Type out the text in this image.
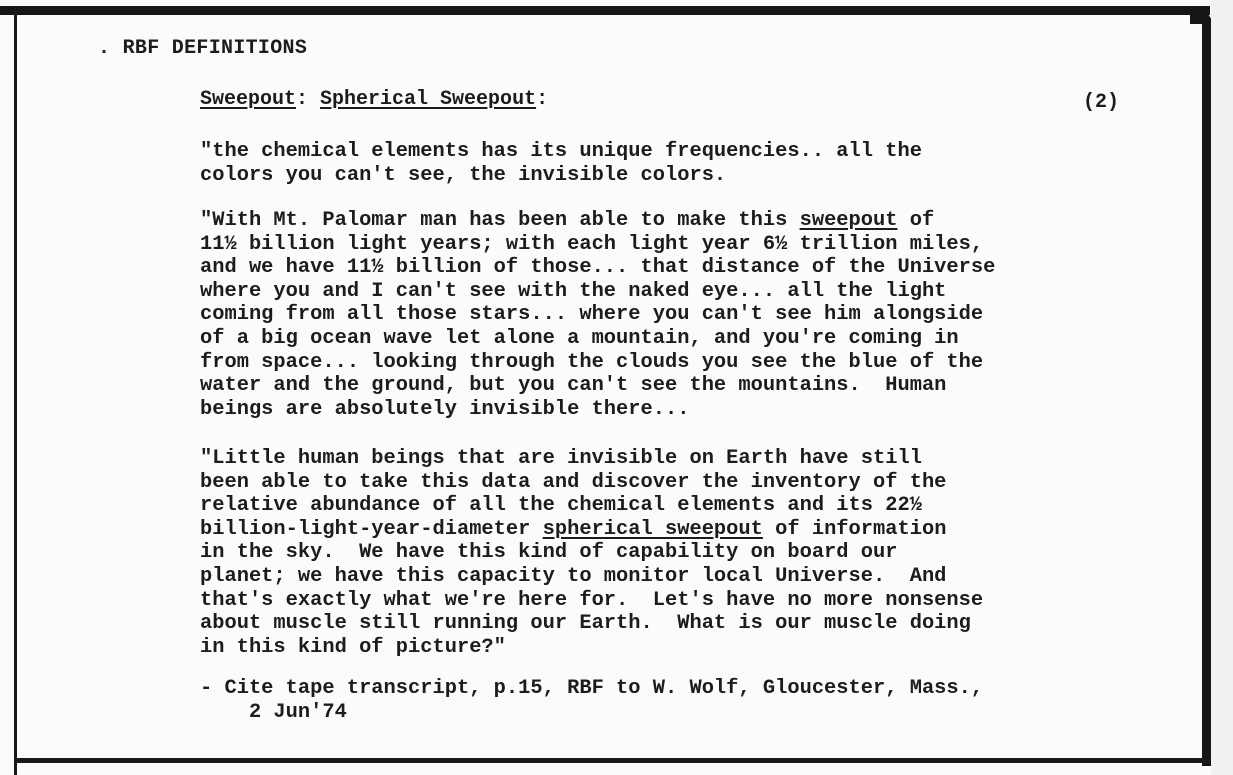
. RBF DEFINITIONS
Sweepout: Spherical Sweepout:	(2)

"the chemical elements has its unique frequencies.. all the
colors you can't see, the invisible colors.

"With Mt. Palomar man has been able to make this sweepout of
11½ billion light years; with each light year 6½ trillion miles,
and we have 11½ billion of those... that distance of the Universe
where you and I can't see with the naked eye... all the light
coming from all those stars... where you can't see him alongside
of a big ocean wave let alone a mountain, and you're coming in
from space... looking through the clouds you see the blue of the
water and the ground, but you can't see the mountains.  Human
beings are absolutely invisible there...

"Little human beings that are invisible on Earth have still
been able to take this data and discover the inventory of the
relative abundance of all the chemical elements and its 22½
billion-light-year-diameter spherical sweepout of information
in the sky.  We have this kind of capability on board our
planet; we have this capacity to monitor local Universe.  And
that's exactly what we're here for.  Let's have no more nonsense
about muscle still running our Earth.  What is our muscle doing
in this kind of picture?"

- Cite tape transcript, p.15, RBF to W. Wolf, Gloucester, Mass.,
2 Jun'74
